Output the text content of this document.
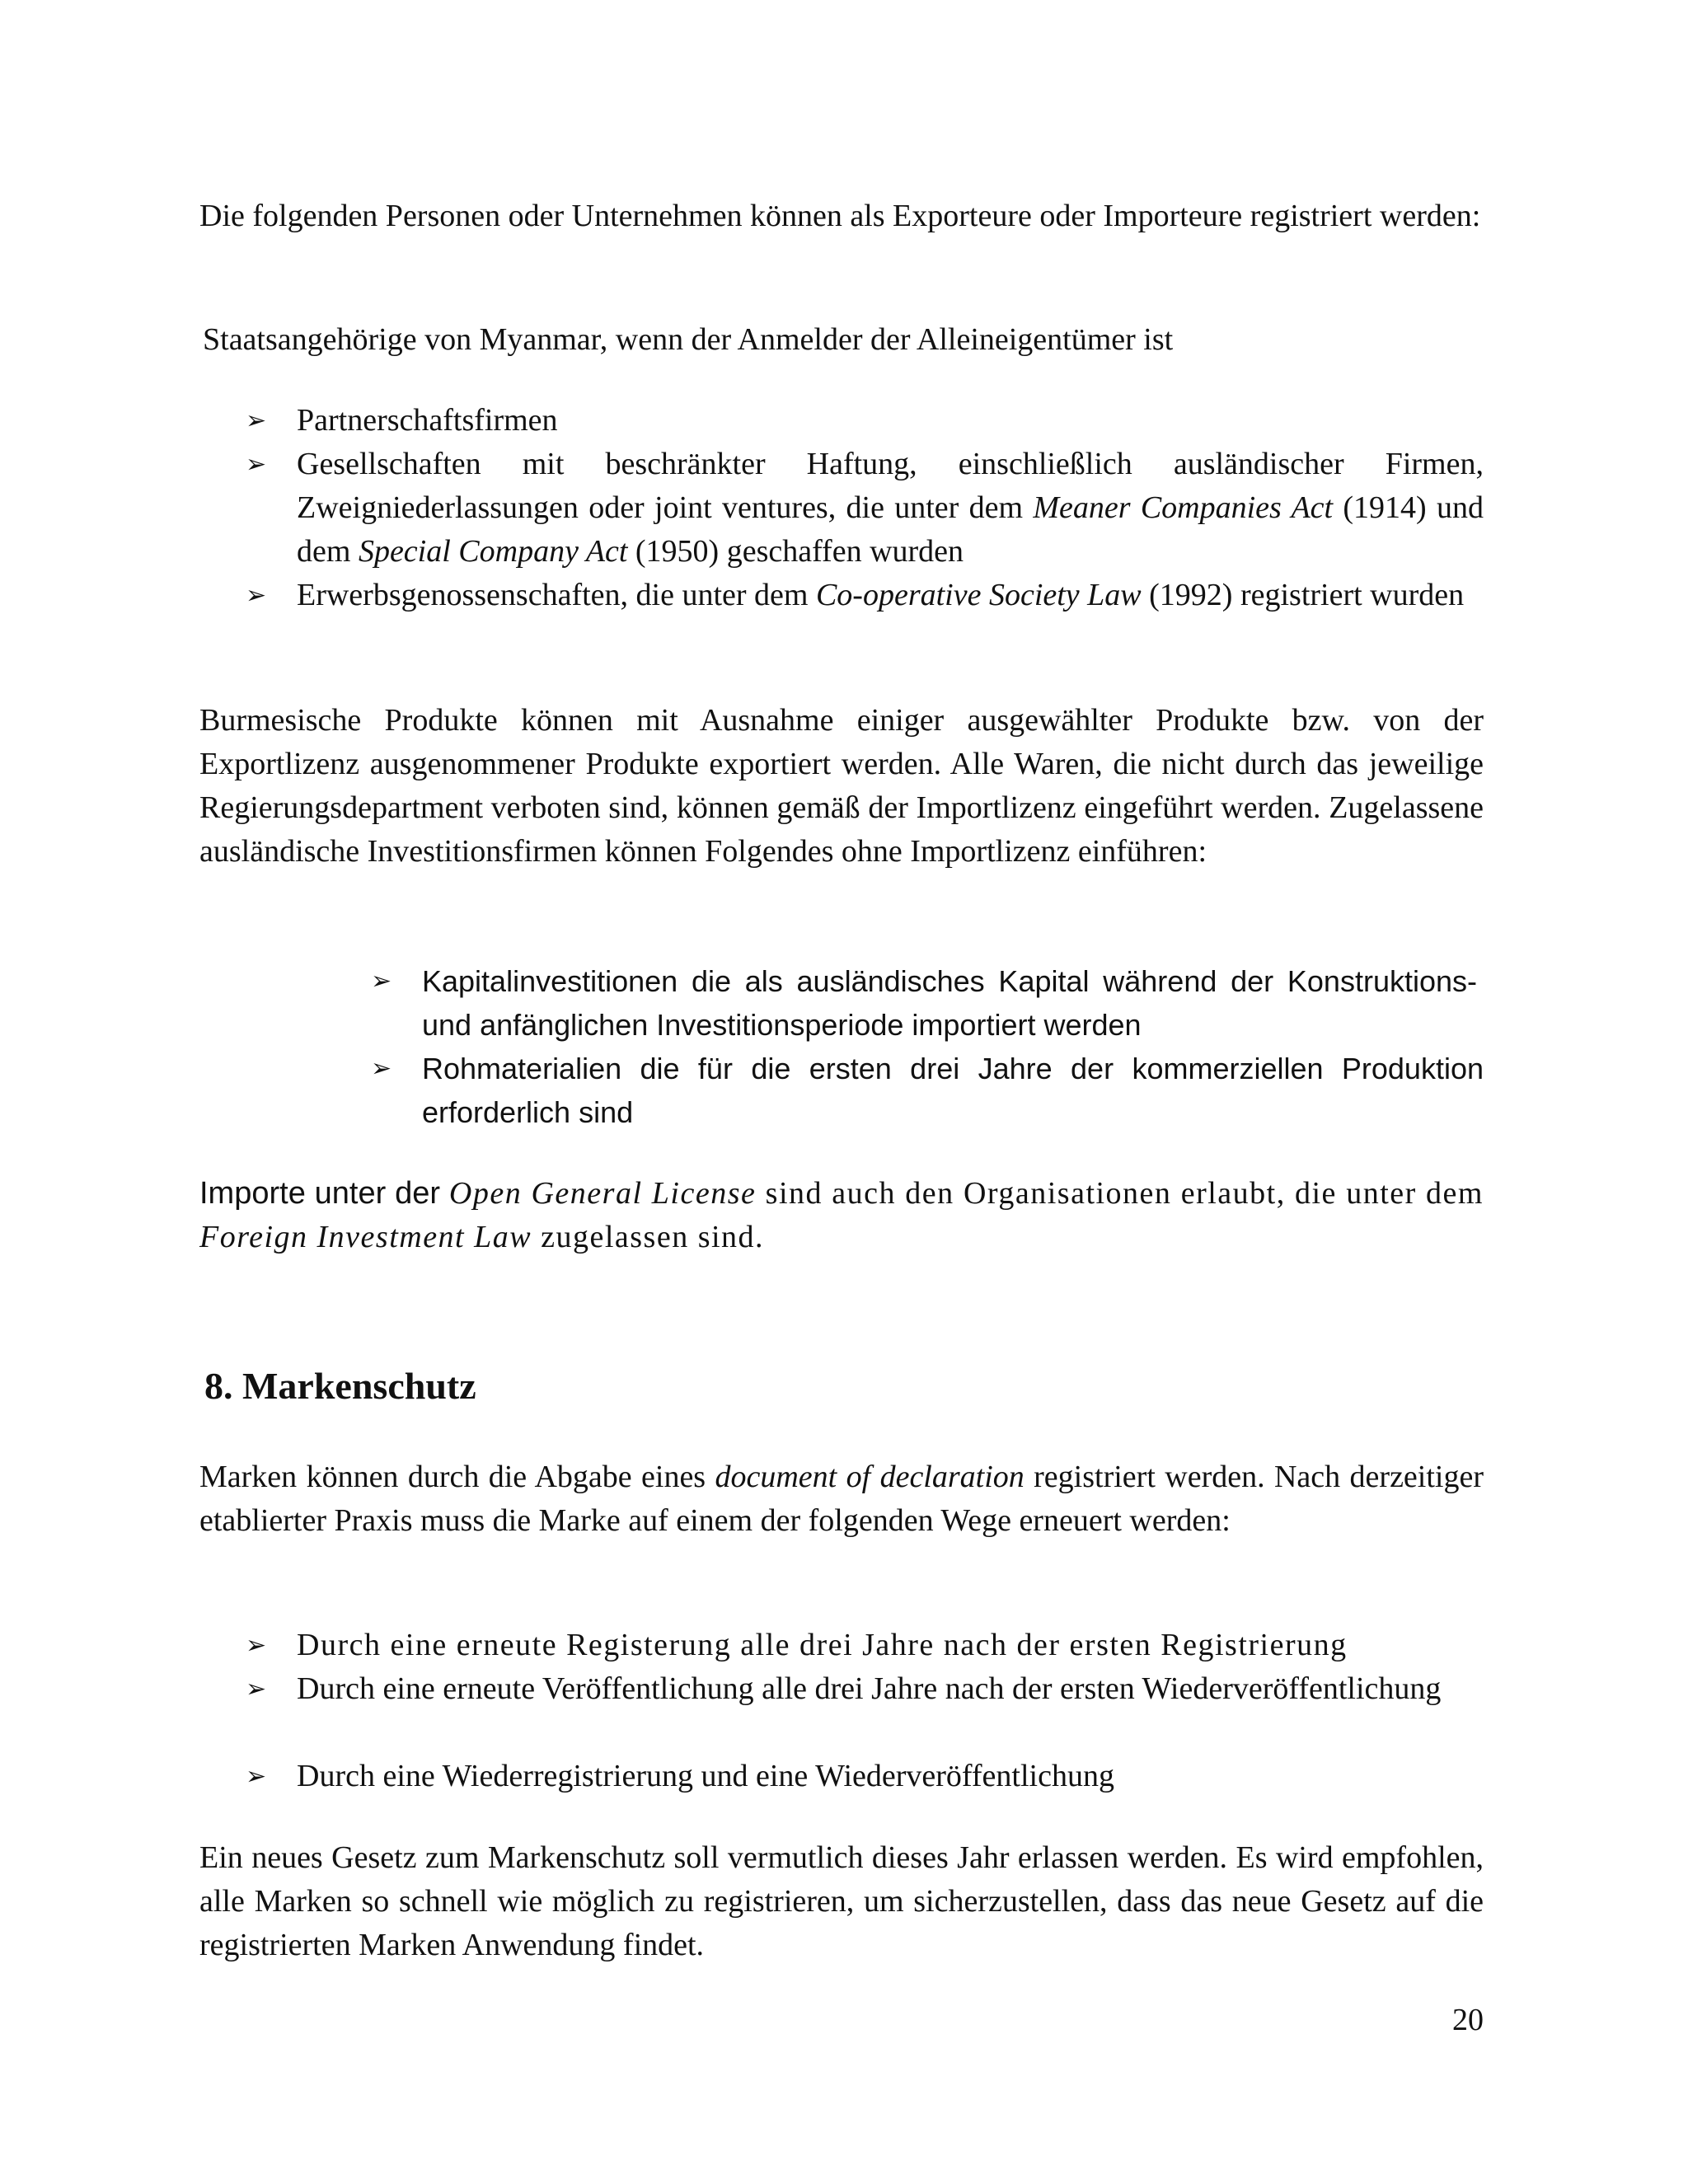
Die folgenden Personen oder Unternehmen können als Exporteure oder Importeure registriert werden:
Staatsangehörige von Myanmar, wenn der Anmelder der Alleineigentümer ist
➢ Partnerschaftsfirmen
➢ Gesellschaften mit beschränkter Haftung, einschließlich ausländischer Firmen, Zweigniederlassungen oder joint ventures, die unter dem Meaner Companies Act (1914) und dem Special Company Act (1950) geschaffen wurden
➢ Erwerbsgenossenschaften, die unter dem Co-operative Society Law (1992) registriert wurden
Burmesische Produkte können mit Ausnahme einiger ausgewählter Produkte bzw. von der Exportlizenz ausgenommener Produkte exportiert werden. Alle Waren, die nicht durch das jeweilige Regierungsdepartment verboten sind, können gemäß der Importlizenz eingeführt werden. Zugelassene ausländische Investitionsfirmen können Folgendes ohne Importlizenz einführen:
➢	Kapitalinvestitionen die als ausländisches Kapital während der Konstruktions- und anfänglichen Investitionsperiode importiert werden
➢	Rohmaterialien die für die ersten drei Jahre der kommerziellen Produktion erforderlich sind
Importe unter der Open General License sind auch den Organisationen erlaubt, die unter dem Foreign Investment Law zugelassen sind.
8. Markenschutz
Marken können durch die Abgabe eines document of declaration registriert werden. Nach derzeitiger etablierter Praxis muss die Marke auf einem der folgenden Wege erneuert werden:
➢ Durch eine erneute Registerung alle drei Jahre nach der ersten Registrierung
➢ Durch eine erneute Veröffentlichung alle drei Jahre nach der ersten Wiederveröffentlichung
➢ Durch eine Wiederregistrierung und eine Wiederveröffentlichung
Ein neues Gesetz zum Markenschutz soll vermutlich dieses Jahr erlassen werden. Es wird empfohlen, alle Marken so schnell wie möglich zu registrieren, um sicherzustellen, dass das neue Gesetz auf die registrierten Marken Anwendung findet.
20
